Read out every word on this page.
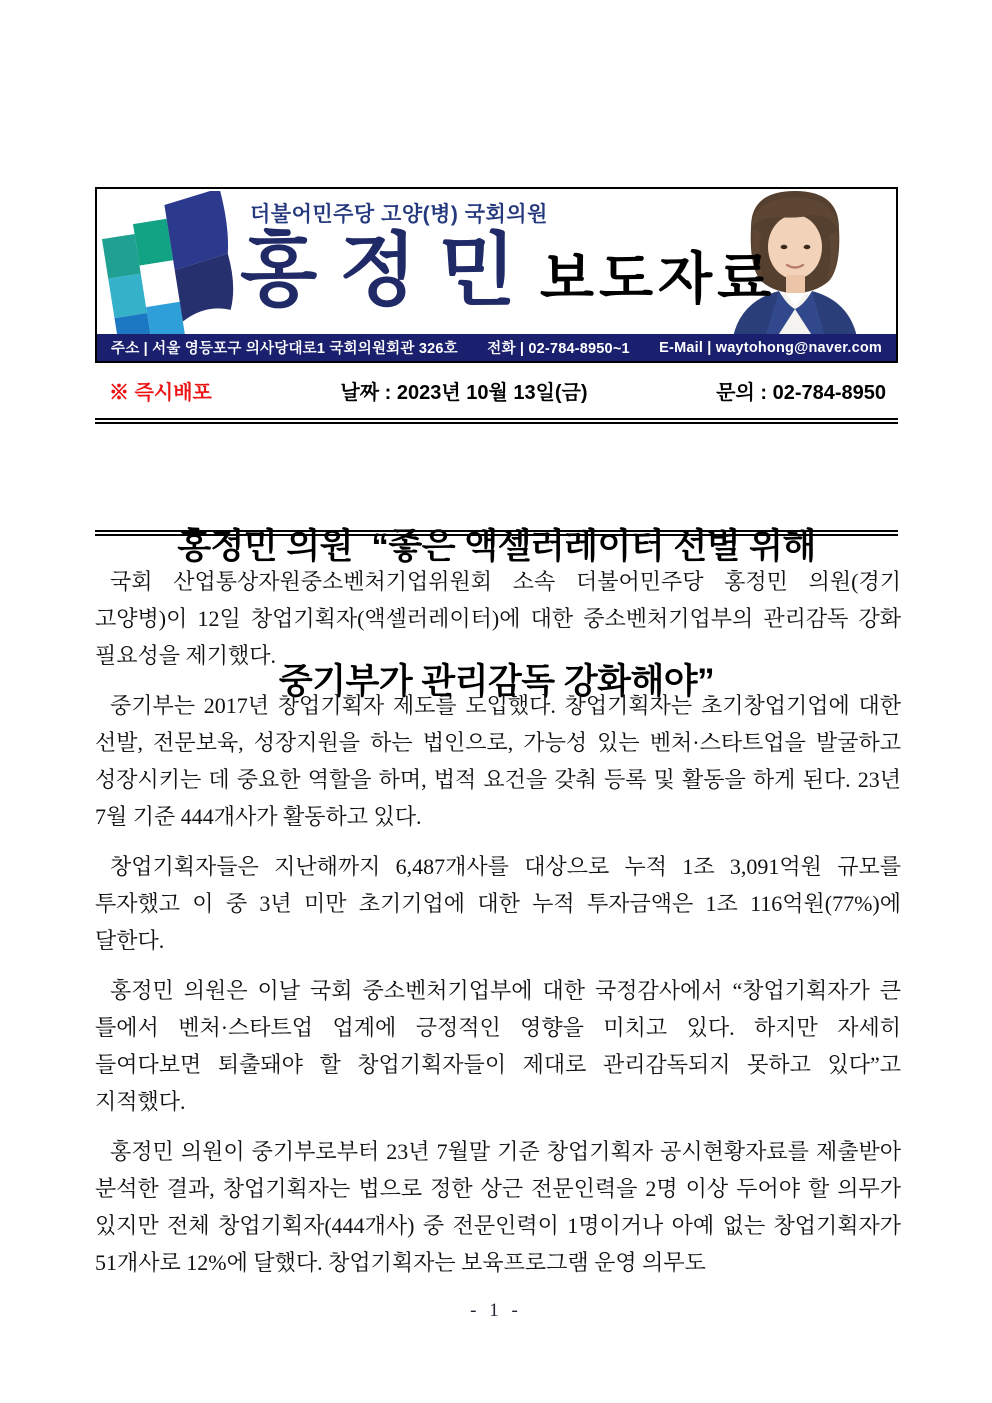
더불어민주당 고양(병) 국회의원
홍정민 보도자료
주소 | 서울 영등포구 의사당대로1 국회의원회관 326호 전화 | 02-784-8950~1 E-Mail | waytohong@naver.com
※ 즉시배포	날짜 : 2023년 10월 13일(금)	문의 : 02-784-8950

홍정민 의원  “좋은 액셀러레이터 선별 위해

중기부가 관리감독 강화해야”

국회 산업통상자원중소벤처기업위원회 소속 더불어민주당 홍정민 의원(경기 고양병)이 12일 창업기획자(액셀러레이터)에 대한 중소벤처기업부의 관리감독 강화 필요성을 제기했다.

중기부는 2017년 창업기획자 제도를 도입했다. 창업기획자는 초기창업기업에 대한 선발, 전문보육, 성장지원을 하는 법인으로, 가능성 있는 벤처·스타트업을 발굴하고 성장시키는 데 중요한 역할을 하며, 법적 요건을 갖춰 등록 및 활동을 하게 된다. 23년 7월 기준 444개사가 활동하고 있다.

창업기획자들은 지난해까지 6,487개사를 대상으로 누적 1조 3,091억원 규모를 투자했고 이 중 3년 미만 초기기업에 대한 누적 투자금액은 1조 116억원(77%)에 달한다.

홍정민 의원은 이날 국회 중소벤처기업부에 대한 국정감사에서 “창업기획자가 큰 틀에서 벤처·스타트업 업계에 긍정적인 영향을 미치고 있다. 하지만 자세히 들여다보면 퇴출돼야 할 창업기획자들이 제대로 관리감독되지 못하고 있다”고 지적했다.

홍정민 의원이 중기부로부터 23년 7월말 기준 창업기획자 공시현황자료를 제출받아 분석한 결과, 창업기획자는 법으로 정한 상근 전문인력을 2명 이상 두어야 할 의무가 있지만 전체 창업기획자(444개사) 중 전문인력이 1명이거나 아예 없는 창업기획자가 51개사로 12%에 달했다. 창업기획자는 보육프로그램 운영 의무도

- 1 -
